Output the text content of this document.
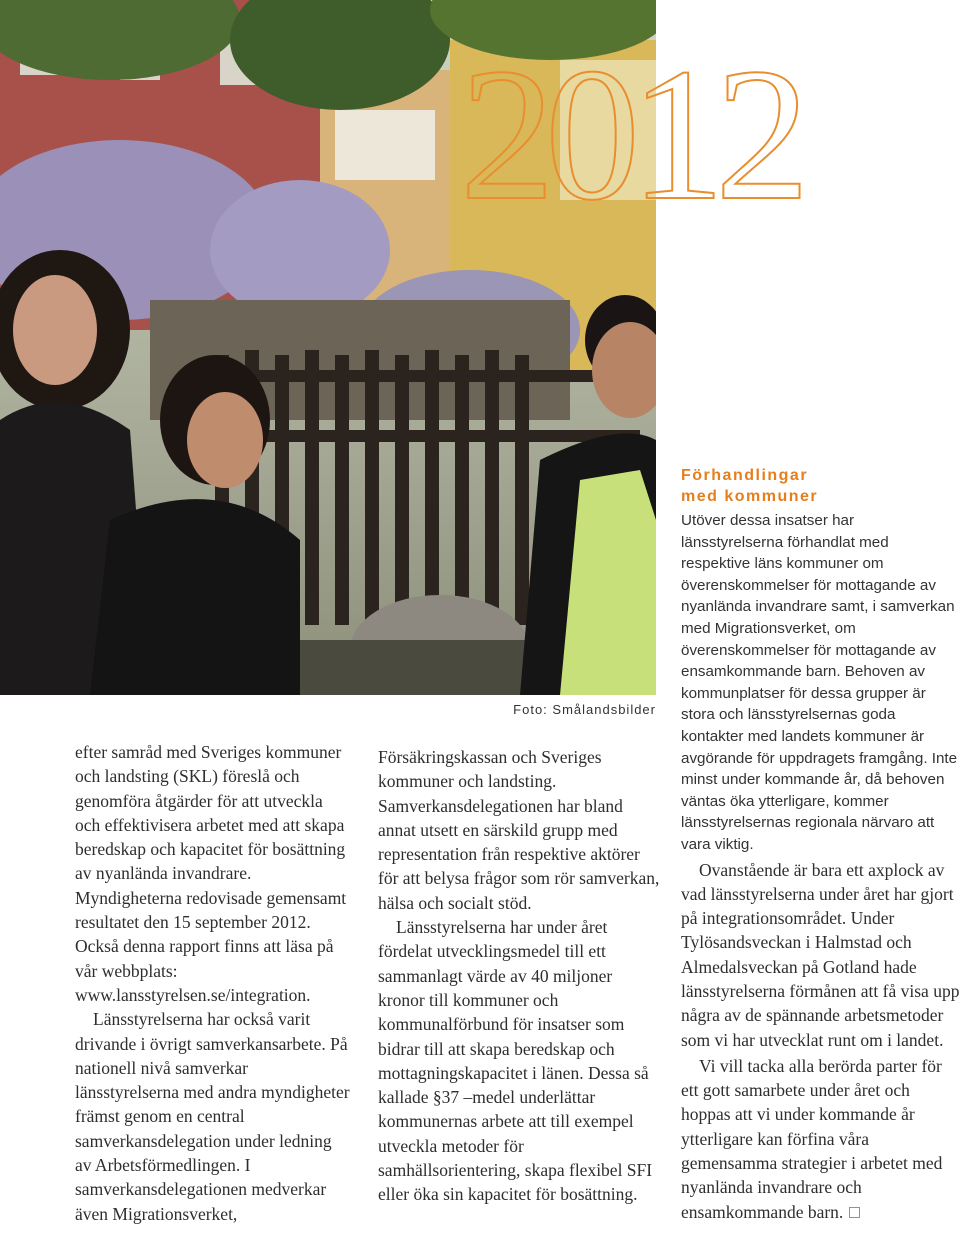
2012
Foto: Smålandsbilder

efter samråd med Sveriges kommuner och landsting (SKL) föreslå och genomföra åtgärder för att utveckla och effektivisera arbetet med att skapa beredskap och kapacitet för bosättning av nyanlända invandrare. Myndigheterna redovisade gemensamt resultatet den 15 september 2012. Också denna rapport finns att läsa på vår webbplats: www.lansstyrelsen.se/integration.

Länsstyrelserna har också varit drivande i övrigt samverkansarbete. På nationell nivå samverkar länsstyrelserna med andra myndigheter främst genom en central samverkansdelegation under ledning av Arbetsförmedlingen. I samverkansdelegationen medverkar även Migrationsverket,

Försäkringskassan och Sveriges kommuner och landsting. Samverkansdelegationen har bland annat utsett en särskild grupp med representation från respektive aktörer för att belysa frågor som rör samverkan, hälsa och socialt stöd.

Länsstyrelserna har under året fördelat utvecklingsmedel till ett sammanlagt värde av 40 miljoner kronor till kommuner och kommunalförbund för insatser som bidrar till att skapa beredskap och mottagningskapacitet i länen. Dessa så kallade §37 –medel underlättar kommunernas arbete att till exempel utveckla metoder för samhällsorientering, skapa flexibel SFI eller öka sin kapacitet för bosättning.

Förhandlingar
med kommuner

Utöver dessa insatser har länsstyrelserna förhandlat med respektive läns kommuner om överenskommelser för mottagande av nyanlända invandrare samt, i samverkan med Migrationsverket, om överenskommelser för mottagande av ensamkommande barn. Behoven av kommunplatser för dessa grupper är stora och länsstyrelsernas goda kontakter med landets kommuner är avgörande för uppdragets framgång. Inte minst under kommande år, då behoven väntas öka ytterligare, kommer länsstyrelsernas regionala närvaro att vara viktig.

Ovanstående är bara ett axplock av vad länsstyrelserna under året har gjort på integrationsområdet. Under Tylösandsveckan i Halmstad och Almedalsveckan på Gotland hade länsstyrelserna förmånen att få visa upp några av de spännande arbetsmetoder som vi har utvecklat runt om i landet.

Vi vill tacka alla berörda parter för ett gott samarbete under året och hoppas att vi under kommande år ytterligare kan förfina våra gemensamma strategier i arbetet med nyanlända invandrare och ensamkommande barn.
